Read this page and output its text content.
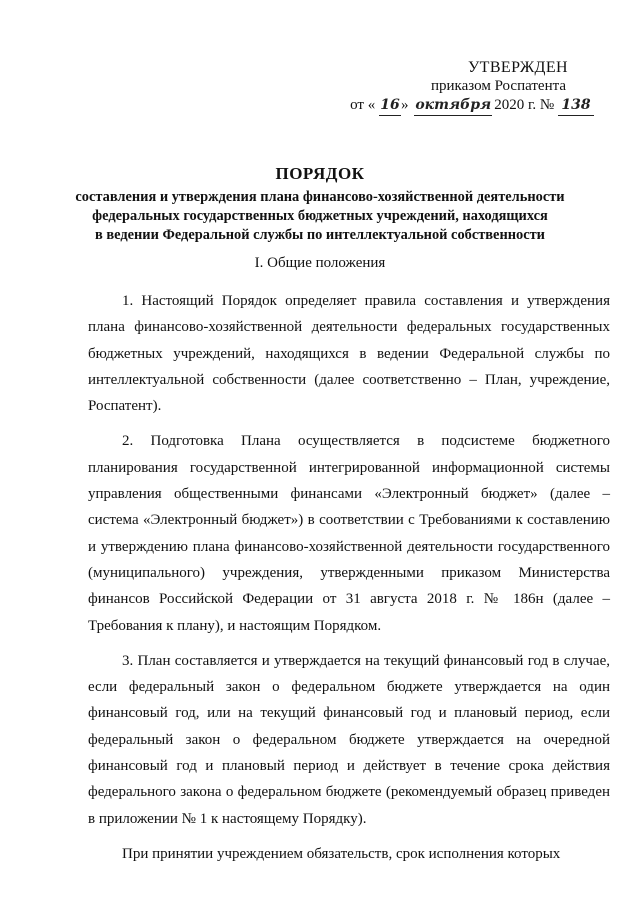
УТВЕРЖДЕН
приказом Роспатента
от « 16» октября 2020 г. № 138
ПОРЯДОК
составления и утверждения плана финансово-хозяйственной деятельности
федеральных государственных бюджетных учреждений, находящихся
в ведении Федеральной службы по интеллектуальной собственности
I. Общие положения

1. Настоящий Порядок определяет правила составления и утверждения плана финансово-хозяйственной деятельности федеральных государственных бюджетных учреждений, находящихся в ведении Федеральной службы по интеллектуальной собственности (далее соответственно – План, учреждение, Роспатент).

2. Подготовка Плана осуществляется в подсистеме бюджетного планирования государственной интегрированной информационной системы управления общественными финансами «Электронный бюджет» (далее – система «Электронный бюджет») в соответствии с Требованиями к составлению и утверждению плана финансово-хозяйственной деятельности государственного (муниципального) учреждения, утвержденными приказом Министерства финансов Российской Федерации от 31 августа 2018 г. № 186н (далее – Требования к плану), и настоящим Порядком.

3. План составляется и утверждается на текущий финансовый год в случае, если федеральный закон о федеральном бюджете утверждается на один финансовый год, или на текущий финансовый год и плановый период, если федеральный закон о федеральном бюджете утверждается на очередной финансовый год и плановый период и действует в течение срока действия федерального закона о федеральном бюджете (рекомендуемый образец приведен в приложении № 1 к настоящему Порядку).

При принятии учреждением обязательств, срок исполнения которых
